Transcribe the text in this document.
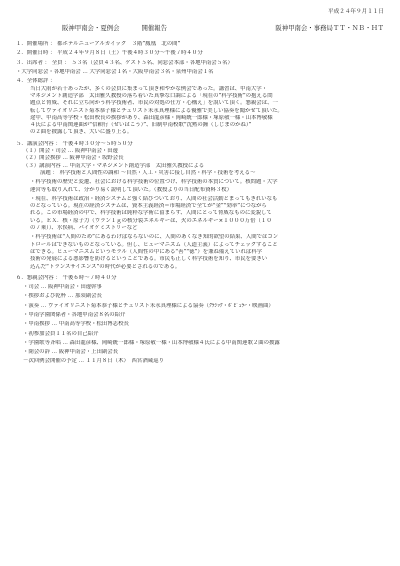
平成２４年９月１１日
阪神甲南会・夏例会	開催報告	阪神甲南会・事務局ＴＴ・ＮＢ・ＨＴ
１．開催場所 ： 都ホテルニューアルカイック　３階”鳳凰　北の間”
２．開催日時 ： 平成２４年９月８日（土）午後４時３０分～午後７時４０分
３．出席者 ： 全員 ： ５３名（会員４３名、ゲスト５名、同窓会本部・各地甲南会５名）
・大学同窓会・各地甲南会 … 大学同窓会１名・大阪甲南会３名・泉州甲南会１名
４．全体総評 ：
当日大雨が若干あったが、多くの会員に集まって頂き和やかな例会であった。講習は、甲南大学・
マネジメント創造学部　太田雅久教授の落ち着いた真摯な口調による「現在の”科学技術”の抱える問
題点と脅威、それに立ち向かう科学技術者、市民の対処の仕方・心構え」を説いて頂く。懇親会は、一
転してヴァイオリニスト菊本恭子様とチェリスト末永真理様による優雅で美しい協奏を聞かせて頂いた。
途中、甲南高等学校・松田校長の挨拶があり、森田龍彦様・岡崎統一郎様・塚原敬一様・山本博敬様
４氏による甲南関連曲が“信頼行（せいはこう）”、旧制甲南校歌“沈黙の鐘（しじまのかね）”
の２曲を披露して頂き、大いに盛り上る。
５．講演会内容 ： 午後４時３０分～５時５０分
（１）開会・司会 … 阪神甲南会・田邊
（２）開会挨拶 … 阪神甲南会・坂野会長
（３）講演内容 … 甲南大学・マネジメント創造学部　太田雅久教授による
演題 ： 科学技術と人間性の調和 ～自然・人工・災害に接し自然・科学・技術を考える～
・科学技術の歴史と変遷、社会における科学技術の位置づけ、科学技術の本質について。核問題・大学
運営等も取り入れて、分かり易く説明して頂いた。（教授よりの当日配布資料３枚）
・現在、科学技術は政治・経済システムと強く結びついており、人間の社会活動とまってもきれいなも
のとなっている。現在の経済システムは、資本主義経済＝市場経済で全てが“金”“効率”につながら
れる。この市場経済の中で、科学技術は純粋な学術に留まらず、人間にとって脅威なものに変貌して
いる。ＥＸ．核・原子力（ウラン１ｇの核分裂エネルギーは、火のエネルギー×１０００万倍（１０
の７乗））、水俣病、バイオケミストリーなど
・科学技術は“人間のため”にあるわけばならないのに、人間のあくなき知的欲望の結果、人間ではコン
トロールはできないものとなっている。但し、ヒューマニズム（人道主義）によってチェックすること
はできる。ヒューマニズムというモラル（人間性の中にある“善”“徳”）を兼ね備えていれば科学
技術の発展による悪影響を防げるということである。市民も正しく科学技術を知り、市民を要きい
込んだ“トランスサイエンス”の時代が必要とされるのである。
６．懇親会内容 ： 午後６時～７時４０分
・司会 … 阪神甲南会・田邊幹事
・挨拶および乾杯 … 那須副会長
・演奏 … ヴァイオリニスト菊本恭子様とチェリスト末永真理様による協奏（ｸﾗｼｯｸ・ﾎﾟﾋﾟｭﾗｰ・映画曲）
・甲南学園関係者・各地甲南会８名の紹介
・甲南挨拶 … 甲南高等学校・松田博志校長
・初参加会員１１名の自己紹介
・学園歌等斉唱 … 森田龍彦様、岡崎統一郎様・塚原敬一様・山本博敬様４氏による甲南関連歌２曲の披露
・閉会の辞 … 阪神甲南会・上田副会長
－次回例会開催の予定 … １１月８日（木）　西宮酒蔵巡り
